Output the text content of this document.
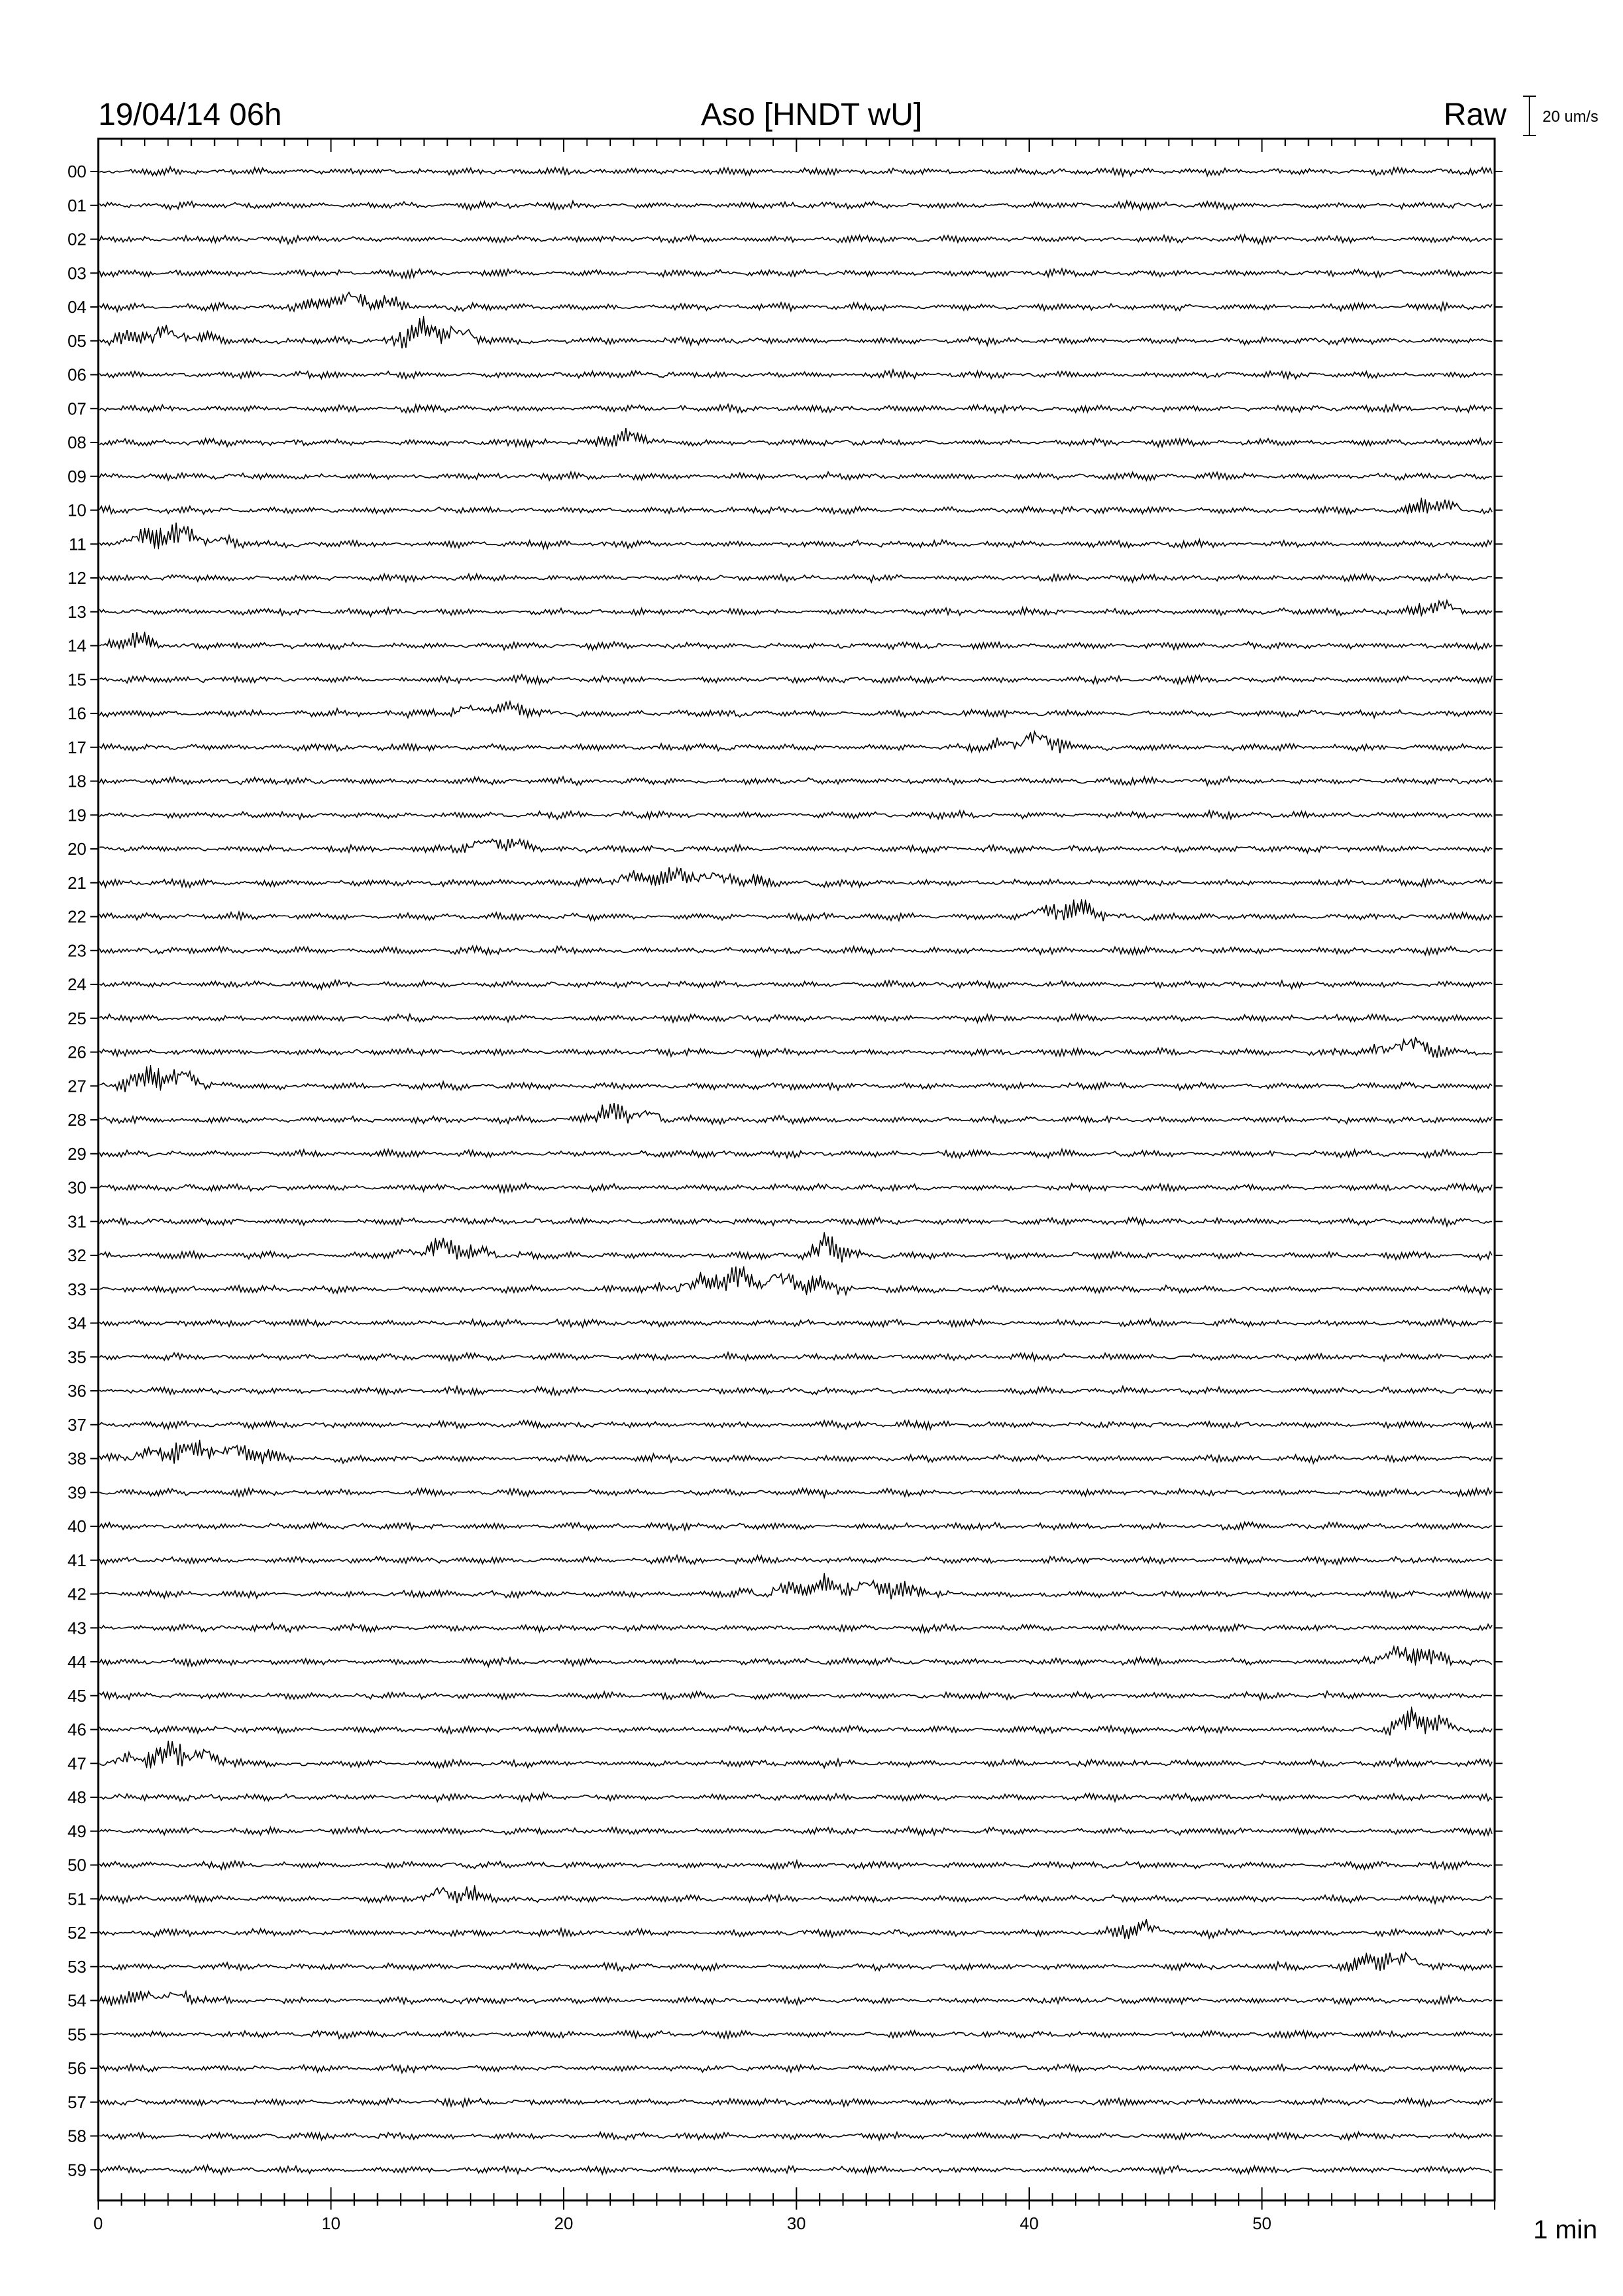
00
01
02
03
04
05
06
07
08
09
10
11
12
13
14
15
16
17
18
19
20
21
22
23
24
25
26
27
28
29
30
31
32
33
34
35
36
37
38
39
40
41
42
43
44
45
46
47
48
49
50
51
52
53
54
55
56
57
58
59
0	10	20	30	40	50
19/04/14 06h	Aso [HNDT wU]	Raw 20 um/s
1 min
